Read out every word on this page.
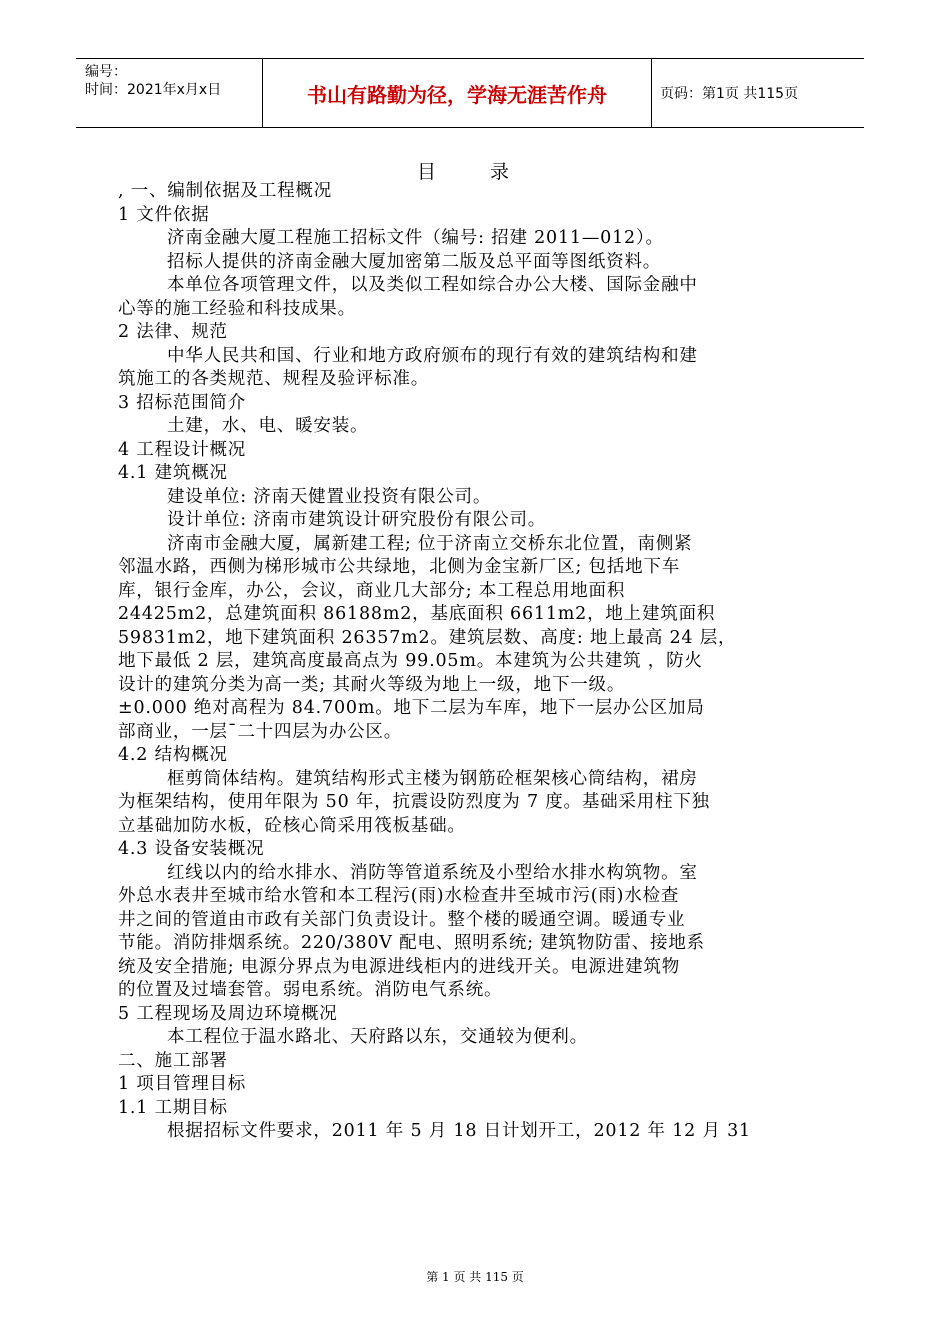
编号：
时间：2021年x月x日	书山有路勤为径，学海无涯苦作舟	页码：第1页 共115页
目 录
, 一、编制依据及工程概况
1 文件依据
济南金融大厦工程施工招标文件（编号: 招建 2011—012）。
招标人提供的济南金融大厦加密第二版及总平面等图纸资料。
本单位各项管理文件，以及类似工程如综合办公大楼、国际金融中
心等的施工经验和科技成果。
2 法律、规范
中华人民共和国、行业和地方政府颁布的现行有效的建筑结构和建
筑施工的各类规范、规程及验评标准。
3 招标范围简介
土建，水、电、暖安装。
4 工程设计概况
4.1 建筑概况
建设单位: 济南天健置业投资有限公司。
设计单位: 济南市建筑设计研究股份有限公司。
济南市金融大厦，属新建工程; 位于济南立交桥东北位置，南侧紧
邻温水路，西侧为梯形城市公共绿地，北侧为金宝新厂区; 包括地下车
库，银行金库，办公，会议，商业几大部分; 本工程总用地面积
24425m2，总建筑面积 86188m2，基底面积 6611m2，地上建筑面积
59831m2，地下建筑面积 26357m2。建筑层数、高度: 地上最高 24 层，
地下最低 2 层，建筑高度最高点为 99.05m。本建筑为公共建筑 ，防火
设计的建筑分类为高一类; 其耐火等级为地上一级，地下一级。
±0.000 绝对高程为 84.700m。地下二层为车库，地下一层办公区加局
部商业，一层¯二十四层为办公区。
4.2 结构概况
框剪筒体结构。建筑结构形式主楼为钢筋砼框架核心筒结构，裙房
为框架结构，使用年限为 50 年，抗震设防烈度为 7 度。基础采用柱下独
立基础加防水板，砼核心筒采用筏板基础。
4.3 设备安装概况
红线以内的给水排水、消防等管道系统及小型给水排水构筑物。室
外总水表井至城市给水管和本工程污(雨)水检查井至城市污(雨)水检查
井之间的管道由市政有关部门负责设计。整个楼的暖通空调。暖通专业
节能。消防排烟系统。220/380V 配电、照明系统; 建筑物防雷、接地系
统及安全措施; 电源分界点为电源进线柜内的进线开关。电源进建筑物
的位置及过墙套管。弱电系统。消防电气系统。
5 工程现场及周边环境概况
本工程位于温水路北、天府路以东，交通较为便利。
二、施工部署
1 项目管理目标
1.1 工期目标
根据招标文件要求，2011 年 5 月 18 日计划开工，2012 年 12 月 31
第 1 页 共 115 页
